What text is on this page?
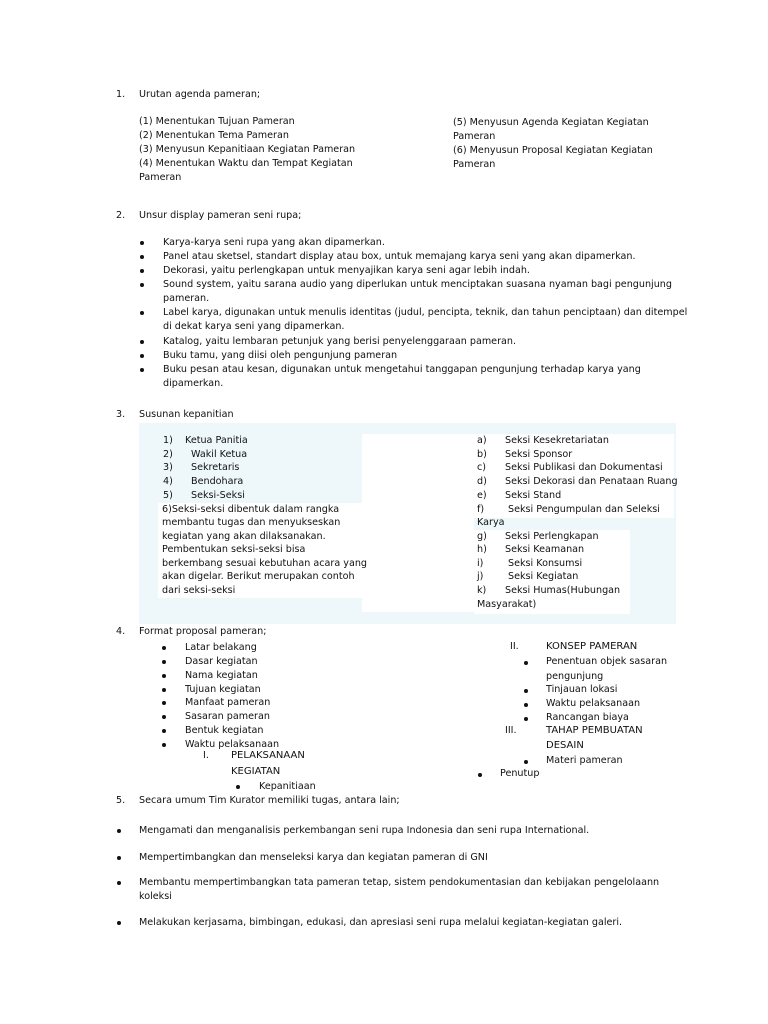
1. Urutan agenda pameran;
(1) Menentukan Tujuan Pameran
(2) Menentukan Tema Pameran
(3) Menyusun Kepanitiaan Kegiatan Pameran
(4) Menentukan Waktu dan Tempat Kegiatan
Pameran
(5) Menyusun Agenda Kegiatan Kegiatan
Pameran
(6) Menyusun Proposal Kegiatan Kegiatan
Pameran
2. Unsur display pameran seni rupa;
Karya-karya seni rupa yang akan dipamerkan.
Panel atau sketsel, standart display atau box, untuk memajang karya seni yang akan dipamerkan.
Dekorasi, yaitu perlengkapan untuk menyajikan karya seni agar lebih indah.
Sound system, yaitu sarana audio yang diperlukan untuk menciptakan suasana nyaman bagi pengunjung
pameran.
Label karya, digunakan untuk menulis identitas (judul, pencipta, teknik, dan tahun penciptaan) dan ditempel
di dekat karya seni yang dipamerkan.
Katalog, yaitu lembaran petunjuk yang berisi penyelenggaraan pameran.
Buku tamu, yang diisi oleh pengunjung pameran
Buku pesan atau kesan, digunakan untuk mengetahui tanggapan pengunjung terhadap karya yang
dipamerkan.
3. Susunan kepanitian
1) Ketua Panitia
2) Wakil Ketua
3) Sekretaris
4) Bendohara
5) Seksi-Seksi
6)Seksi-seksi dibentuk dalam rangka
membantu tugas dan menyukseskan
kegiatan yang akan dilaksanakan.
Pembentukan seksi-seksi bisa
berkembang sesuai kebutuhan acara yang
akan digelar. Berikut merupakan contoh
dari seksi-seksi
a) Seksi Kesekretariatan
b) Seksi Sponsor
c) Seksi Publikasi dan Dokumentasi
d) Seksi Dekorasi dan Penataan Ruang
e) Seksi Stand
f) Seksi Pengumpulan dan Seleksi
Karya
g) Seksi Perlengkapan
h) Seksi Keamanan
i)	Seksi Konsumsi
j)	Seksi Kegiatan
k) Seksi Humas(Hubungan
Masyarakat)
4. Format proposal pameran;
Latar belakang
Dasar kegiatan
Nama kegiatan
Tujuan kegiatan
Manfaat pameran
Sasaran pameran
Bentuk kegiatan
Waktu pelaksanaan
I. PELAKSANAAN
KEGIATAN
Kepanitiaan
II.	KONSEP PAMERAN
Penentuan objek sasaran
pengunjung
Tinjauan lokasi
Waktu pelaksanaan
Rancangan biaya
III.	TAHAP PEMBUATAN
DESAIN
Materi pameran
Penutup
5. Secara umum Tim Kurator memiliki tugas, antara lain;
Mengamati dan menganalisis perkembangan seni rupa Indonesia dan seni rupa International.
Mempertimbangkan dan menseleksi karya dan kegiatan pameran di GNI
Membantu mempertimbangkan tata pameran tetap, sistem pendokumentasian dan kebijakan pengelolaann
koleksi
Melakukan kerjasama, bimbingan, edukasi, dan apresiasi seni rupa melalui kegiatan-kegiatan galeri.
